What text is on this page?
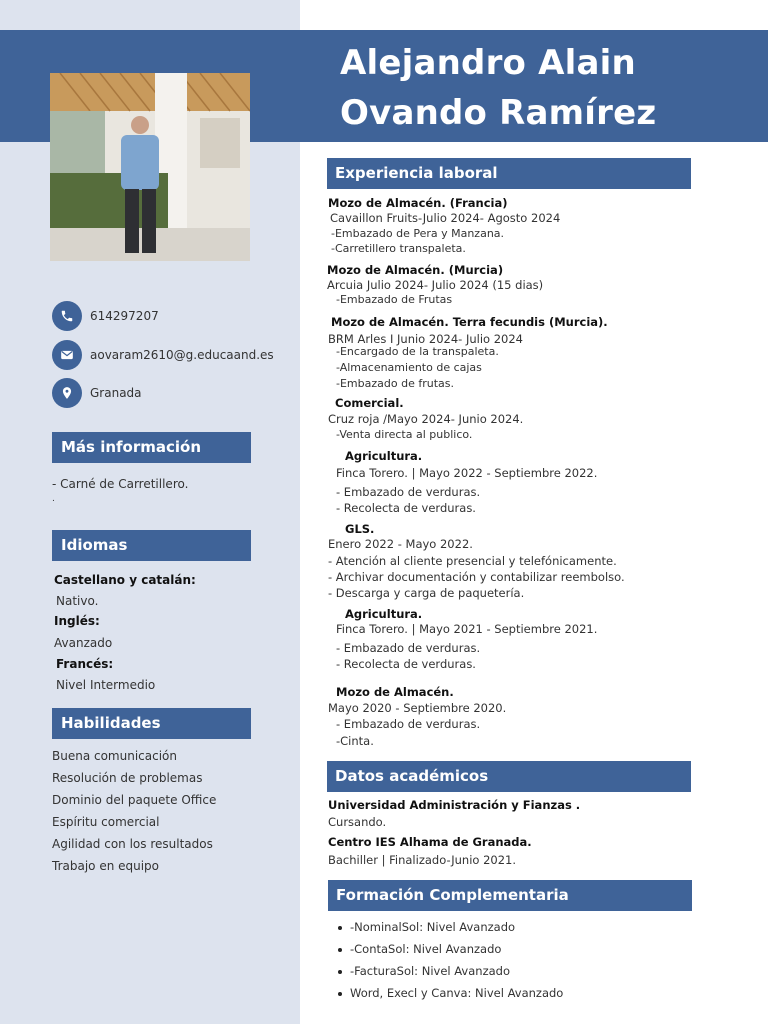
Alejandro Alain
Ovando Ramírez
614297207
aovaram2610@g.educaand.es
Granada
Más información
- Carné de Carretillero.
.
Idiomas
Castellano y catalán:
Nativo.
Inglés:
Avanzado
Francés:
Nivel Intermedio
Habilidades
Buena comunicación
Resolución de problemas
Dominio del paquete Office
Espíritu comercial
Agilidad con los resultados
Trabajo en equipo
Experiencia laboral
Mozo de Almacén. (Francia)
Cavaillon Fruits-Julio 2024- Agosto 2024
-Embazado de Pera y Manzana.
-Carretillero transpaleta.
Mozo de Almacén. (Murcia)
Arcuia Julio 2024- Julio 2024 (15 dias)
-Embazado de Frutas
Mozo de Almacén. Terra fecundis (Murcia).
BRM Arles I Junio 2024- Julio 2024
-Encargado de la transpaleta.
-Almacenamiento de cajas
-Embazado de frutas.
Comercial.
Cruz roja /Mayo 2024- Junio 2024.
-Venta directa al publico.
Agricultura.
Finca Torero. | Mayo 2022 - Septiembre 2022.
- Embazado de verduras.
- Recolecta de verduras.
GLS.
Enero 2022 - Mayo 2022.
- Atención al cliente presencial y telefónicamente.
- Archivar documentación y contabilizar reembolso.
- Descarga y carga de paquetería.
Agricultura.
Finca Torero. | Mayo 2021 - Septiembre 2021.
- Embazado de verduras.
- Recolecta de verduras.
Mozo de Almacén.
Mayo 2020 - Septiembre 2020.
- Embazado de verduras.
-Cinta.
Datos académicos
Universidad Administración y Fianzas .
Cursando.
Centro IES Alhama de Granada.
Bachiller | Finalizado-Junio 2021.
Formación Complementaria
-NominalSol: Nivel Avanzado
-ContaSol: Nivel Avanzado
-FacturaSol: Nivel Avanzado
Word, Execl y Canva: Nivel Avanzado
